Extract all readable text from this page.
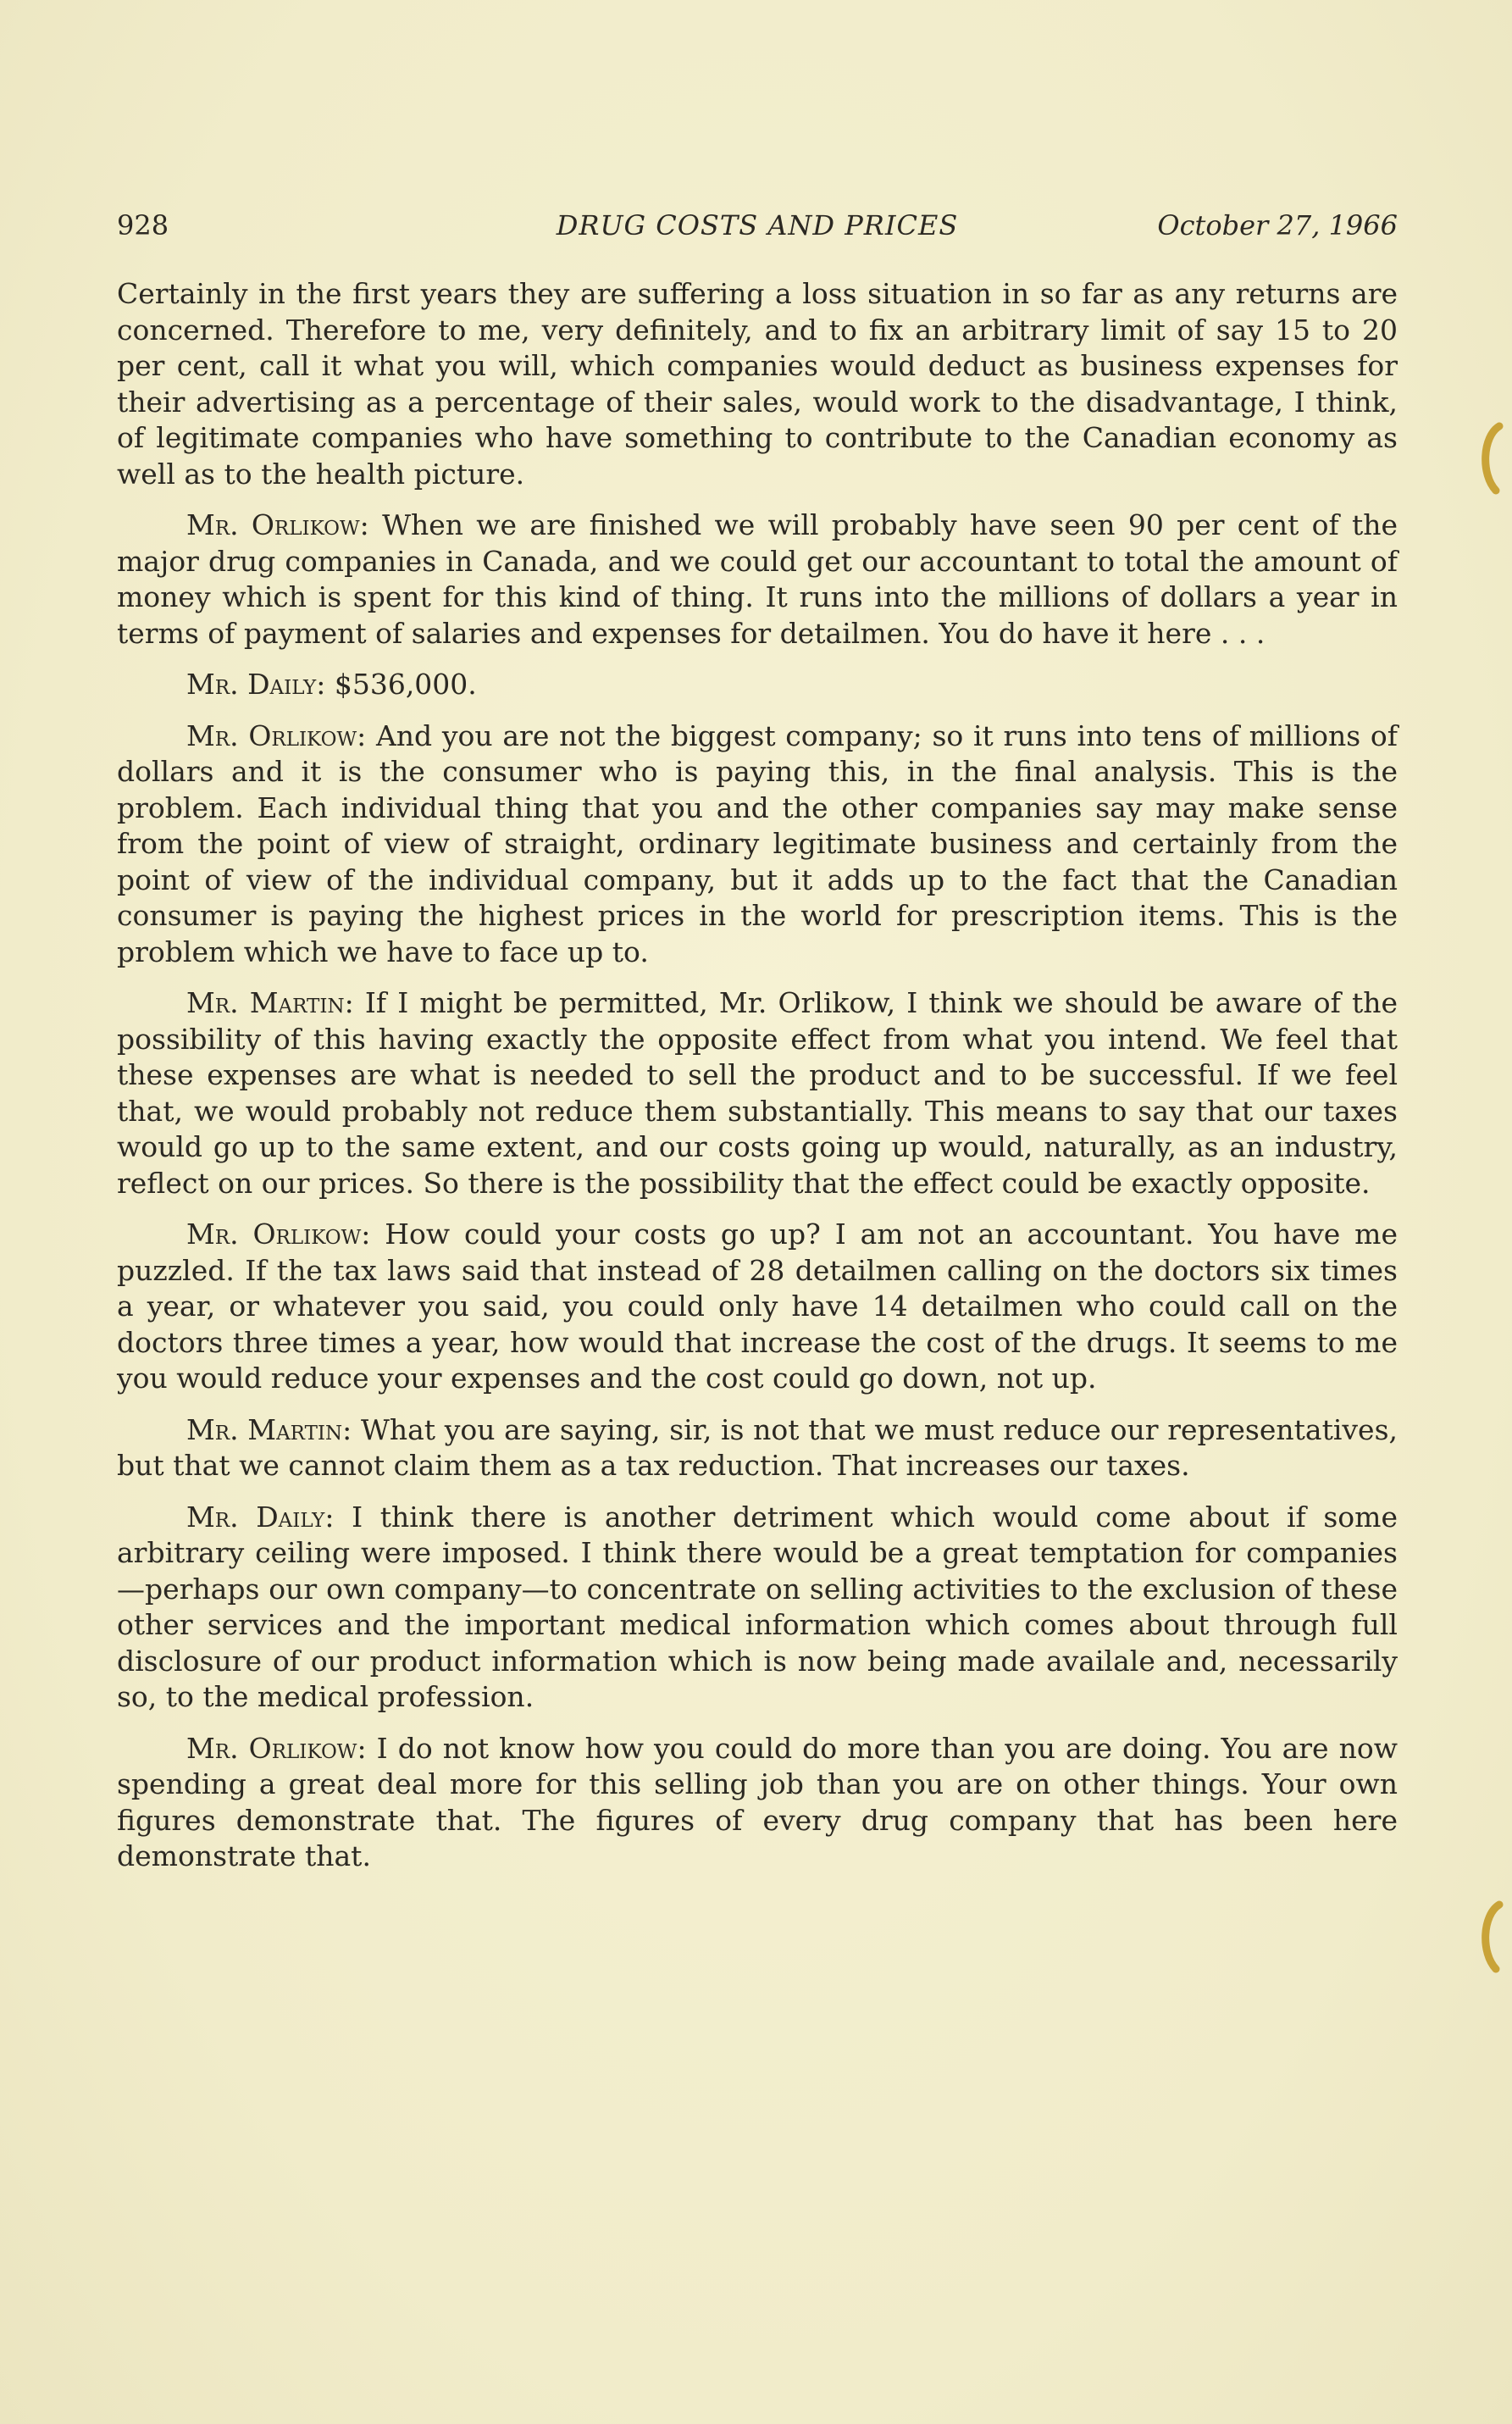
928	DRUG COSTS AND PRICES	October 27, 1966

Certainly in the first years they are suffering a loss situation in so far as any returns are concerned. Therefore to me, very definitely, and to fix an arbitrary limit of say 15 to 20 per cent, call it what you will, which companies would deduct as business expenses for their advertising as a percentage of their sales, would work to the disadvantage, I think, of legitimate companies who have something to contribute to the Canadian economy as well as to the health picture.

Mr. Orlikow: When we are finished we will probably have seen 90 per cent of the major drug companies in Canada, and we could get our accountant to total the amount of money which is spent for this kind of thing. It runs into the millions of dollars a year in terms of payment of salaries and expenses for detailmen. You do have it here . . .

Mr. Daily: $536,000.

Mr. Orlikow: And you are not the biggest company; so it runs into tens of millions of dollars and it is the consumer who is paying this, in the final analysis. This is the problem. Each individual thing that you and the other companies say may make sense from the point of view of straight, ordinary legitimate business and certainly from the point of view of the individual company, but it adds up to the fact that the Canadian consumer is paying the highest prices in the world for prescription items. This is the problem which we have to face up to.

Mr. Martin: If I might be permitted, Mr. Orlikow, I think we should be aware of the possibility of this having exactly the opposite effect from what you intend. We feel that these expenses are what is needed to sell the product and to be successful. If we feel that, we would probably not reduce them substantially. This means to say that our taxes would go up to the same extent, and our costs going up would, naturally, as an industry, reflect on our prices. So there is the possibility that the effect could be exactly opposite.

Mr. Orlikow: How could your costs go up? I am not an accountant. You have me puzzled. If the tax laws said that instead of 28 detailmen calling on the doctors six times a year, or whatever you said, you could only have 14 detailmen who could call on the doctors three times a year, how would that increase the cost of the drugs. It seems to me you would reduce your expenses and the cost could go down, not up.

Mr. Martin: What you are saying, sir, is not that we must reduce our representatives, but that we cannot claim them as a tax reduction. That increases our taxes.

Mr. Daily: I think there is another detriment which would come about if some arbitrary ceiling were imposed. I think there would be a great temptation for companies—perhaps our own company—to concentrate on selling activities to the exclusion of these other services and the important medical information which comes about through full disclosure of our product information which is now being made availale and, necessarily so, to the medical profession.

Mr. Orlikow: I do not know how you could do more than you are doing. You are now spending a great deal more for this selling job than you are on other things. Your own figures demonstrate that. The figures of every drug company that has been here demonstrate that.
